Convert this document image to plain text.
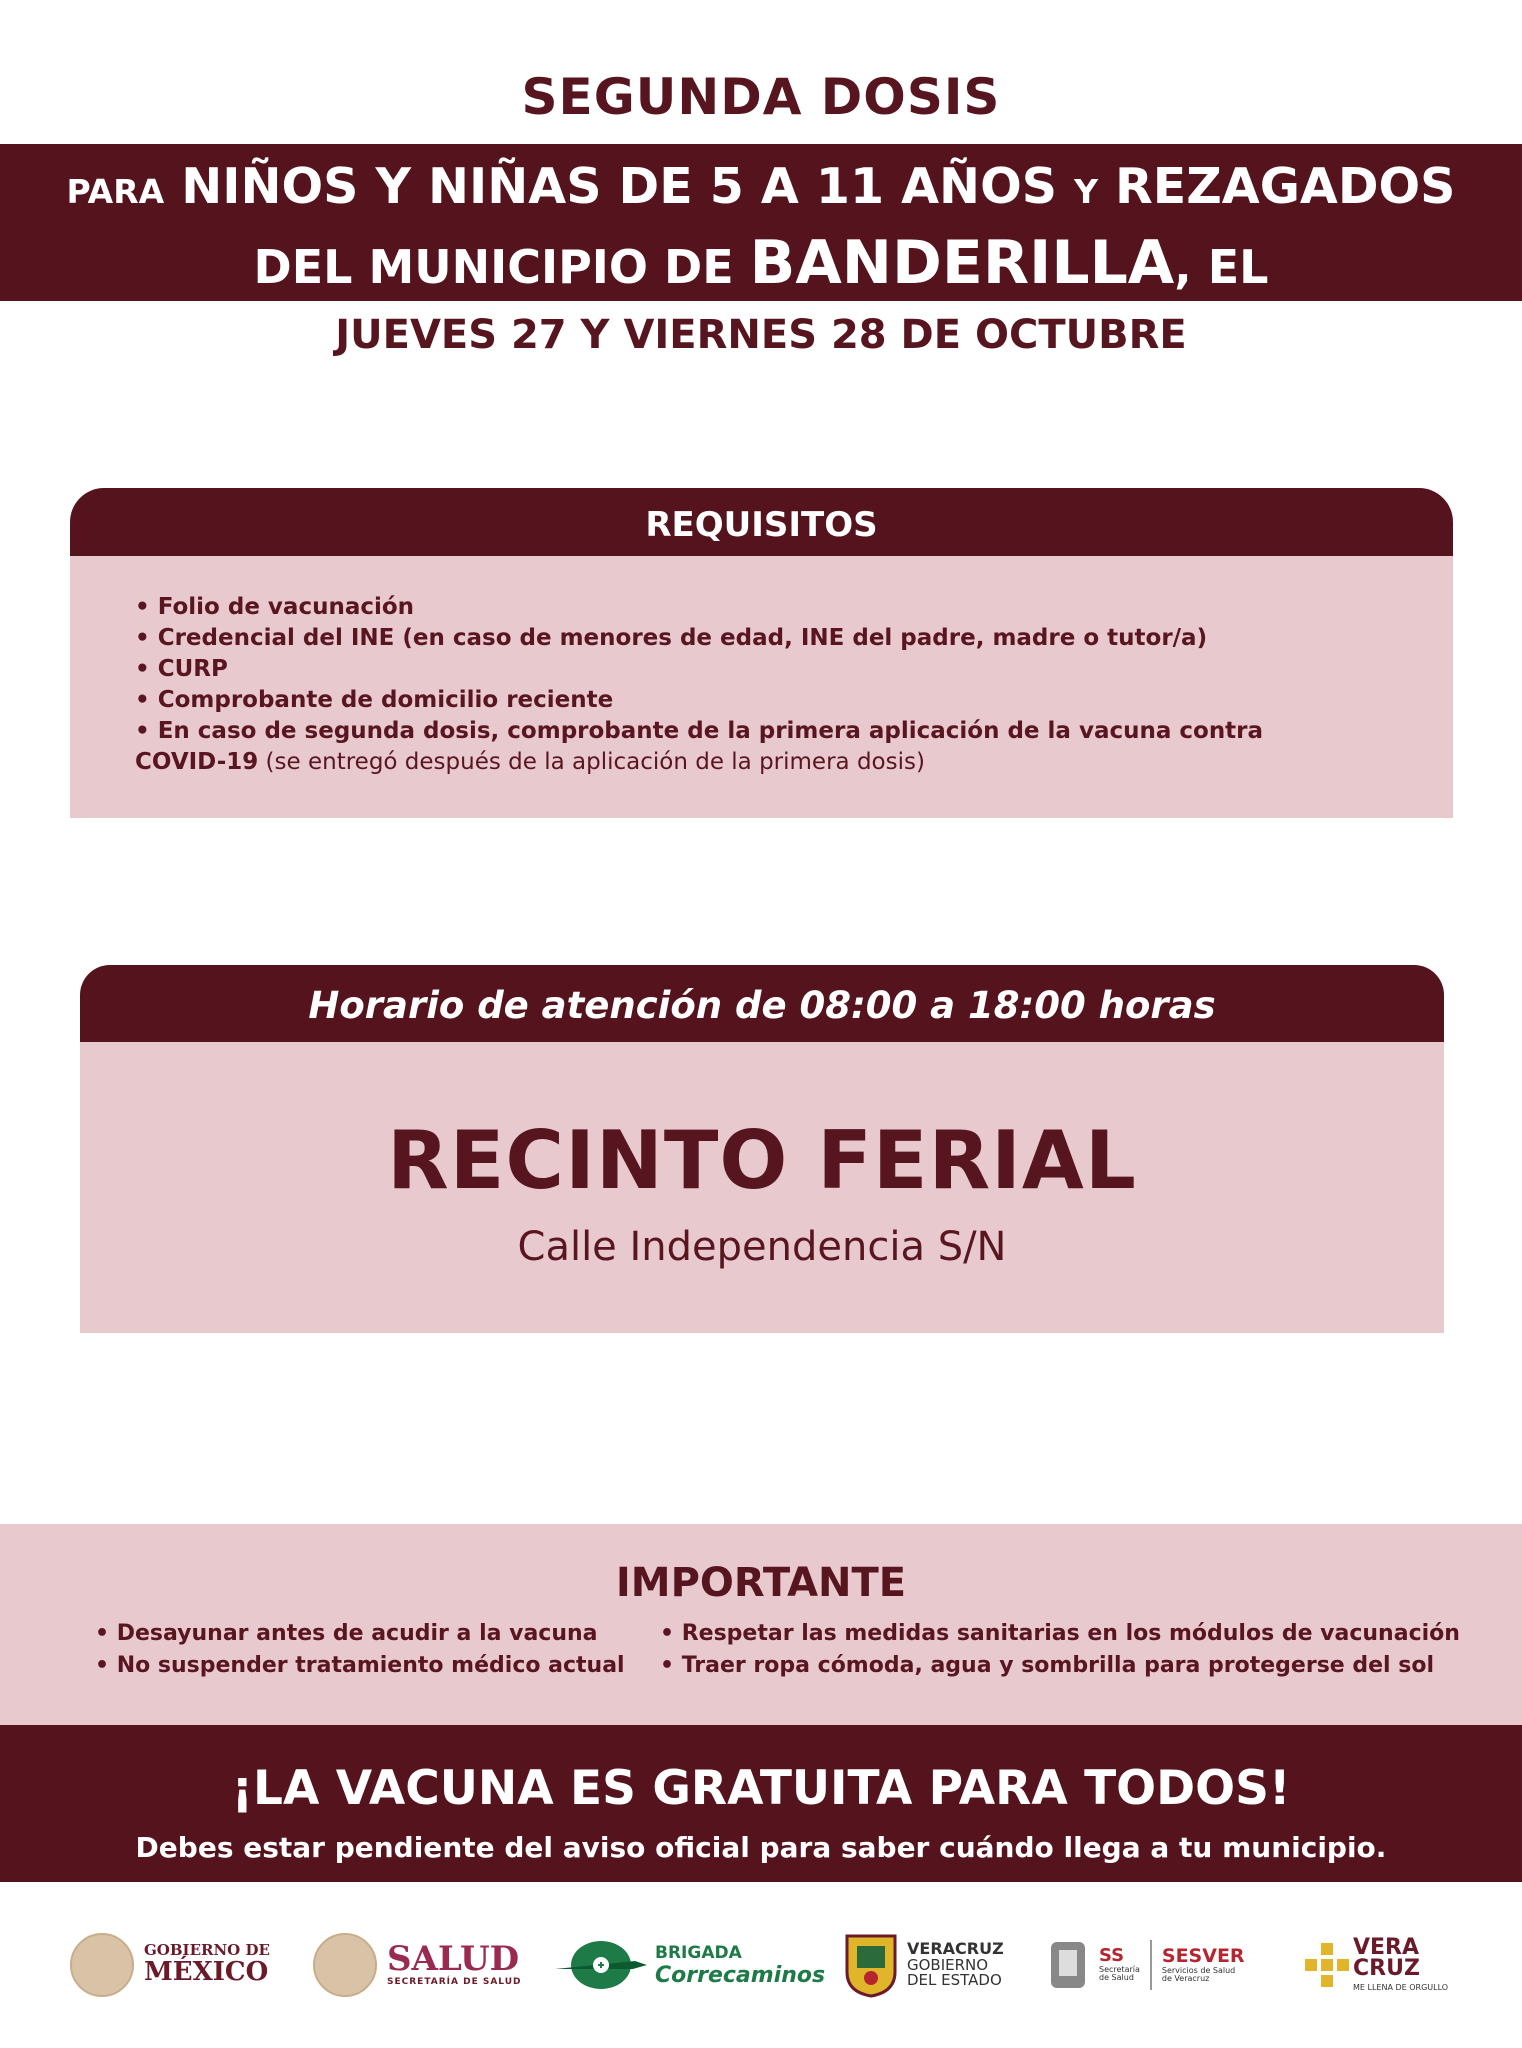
SEGUNDA DOSIS
PARA NIÑOS Y NIÑAS DE 5 A 11 AÑOS Y REZAGADOS
DEL MUNICIPIO DE BANDERILLA, EL
JUEVES 27 Y VIERNES 28 DE OCTUBRE
REQUISITOS
• Folio de vacunación
• Credencial del INE (en caso de menores de edad, INE del padre, madre o tutor/a)
• CURP
• Comprobante de domicilio reciente
• En caso de segunda dosis, comprobante de la primera aplicación de la vacuna contra
COVID-19 (se entregó después de la aplicación de la primera dosis)
Horario de atención de 08:00 a 18:00 horas
RECINTO FERIAL
Calle Independencia S/N
IMPORTANTE
• Desayunar antes de acudir a la vacuna
• No suspender tratamiento médico actual
• Respetar las medidas sanitarias en los módulos de vacunación
• Traer ropa cómoda, agua y sombrilla para protegerse del sol
¡LA VACUNA ES GRATUITA PARA TODOS!
Debes estar pendiente del aviso oficial para saber cuándo llega a tu municipio.
GOBIERNO DE
MÉXICO	SALUD
SECRETARÍA DE SALUD
BRIGADA
Correcaminos
VERACRUZ
GOBIERNO
DEL ESTADO
SS
Secretaría
de Salud
SESVER
Servicios de Salud
de Veracruz
VERA
CRUZ
ME LLENA DE ORGULLO
